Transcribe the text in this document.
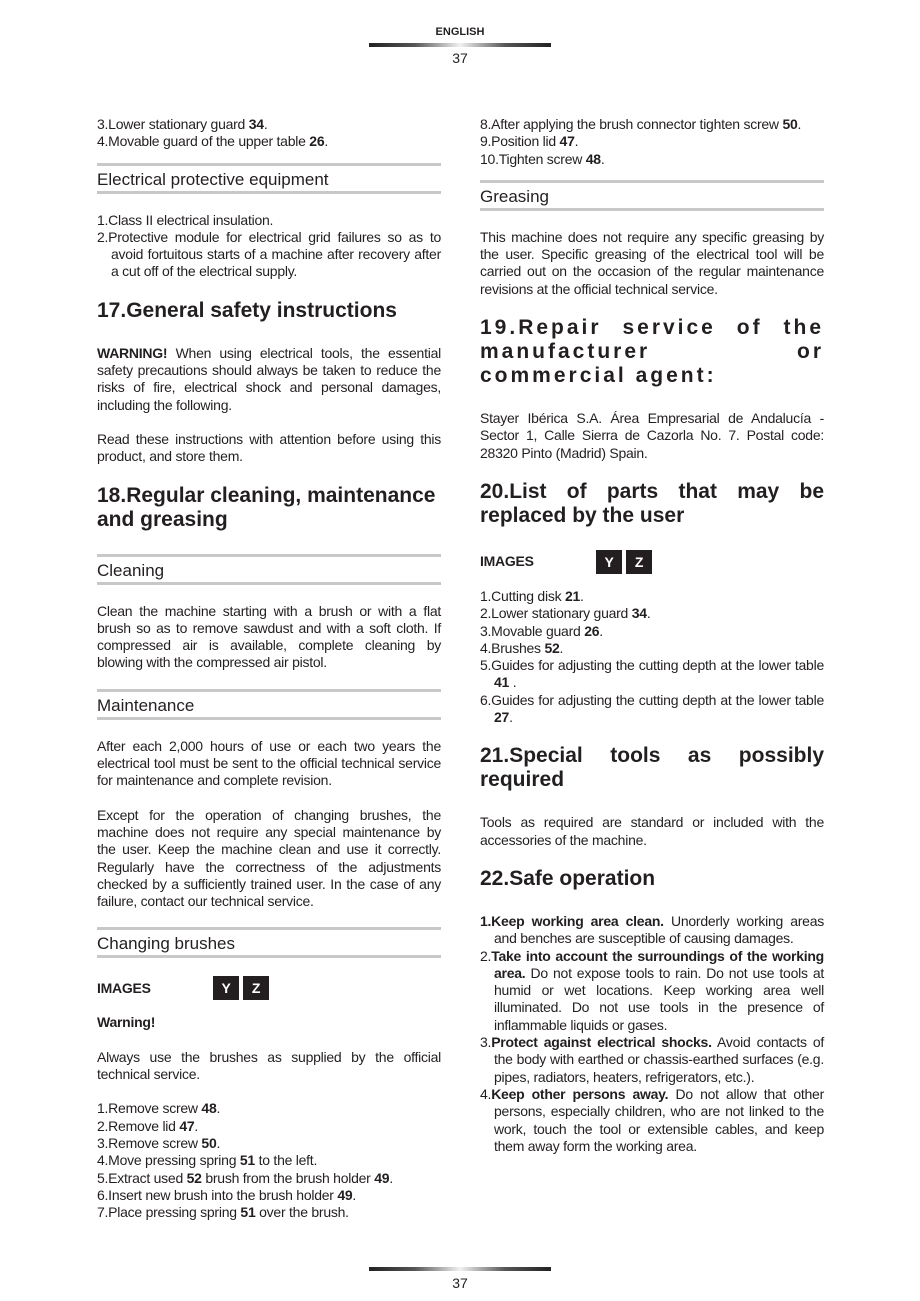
ENGLISH
37
3.Lower stationary guard 34.
4.Movable guard of the upper table 26.
Electrical protective equipment
1.Class II electrical insulation.
2.Protective module for electrical grid failures so as to avoid fortuitous starts of a machine after recovery after a cut off of the electrical supply.
17.General safety instructions
WARNING! When using electrical tools, the essential safety precautions should always be taken to reduce the risks of fire, electrical shock and personal damages, including the following.
Read these instructions with attention before using this product, and store them.
18.Regular cleaning, maintenance and greasing
Cleaning
Clean the machine starting with a brush or with a flat brush so as to remove sawdust and with a soft cloth. If compressed air is available, complete cleaning by blowing with the compressed air pistol.
Maintenance
After each 2,000 hours of use or each two years the electrical tool must be sent to the official technical service for maintenance and complete revision.
Except for the operation of changing brushes, the machine does not require any special maintenance by the user. Keep the machine clean and use it correctly. Regularly have the correctness of the adjustments checked by a sufficiently trained user. In the case of any failure, contact our technical service.
Changing brushes
IMAGES	Y	Z
Warning!
Always use the brushes as supplied by the official technical service.
1.Remove screw 48.
2.Remove lid 47.
3.Remove screw 50.
4.Move pressing spring 51 to the left.
5.Extract used 52 brush from the brush holder 49.
6.Insert new brush into the brush holder 49.
7.Place pressing spring 51 over the brush.
8.After applying the brush connector tighten screw 50.
9.Position lid 47.
10.Tighten screw 48.
Greasing
This machine does not require any specific greasing by the user. Specific greasing of the electrical tool will be carried out on the occasion of the regular maintenance revisions at the official technical service.
19.Repair service of the manufacturer or commercial agent:
Stayer Ibérica S.A. Área Empresarial de Andalucía - Sector 1, Calle Sierra de Cazorla No. 7. Postal code: 28320 Pinto (Madrid) Spain.
20.List of parts that may be replaced by the user
IMAGES	Y	Z
1.Cutting disk 21.
2.Lower stationary guard 34.
3.Movable guard 26.
4.Brushes 52.
5.Guides for adjusting the cutting depth at the lower table 41 .
6.Guides for adjusting the cutting depth at the lower table 27.
21.Special tools as possibly required
Tools as required are standard or included with the accessories of the machine.
22.Safe operation
1.Keep working area clean. Unorderly working areas and benches are susceptible of causing damages.
2.Take into account the surroundings of the working area. Do not expose tools to rain. Do not use tools at humid or wet locations. Keep working area well illuminated. Do not use tools in the presence of inflammable liquids or gases.
3.Protect against electrical shocks. Avoid contacts of the body with earthed or chassis-earthed surfaces (e.g. pipes, radiators, heaters, refrigerators, etc.).
4.Keep other persons away. Do not allow that other persons, especially children, who are not linked to the work, touch the tool or extensible cables, and keep them away form the working area.
37
